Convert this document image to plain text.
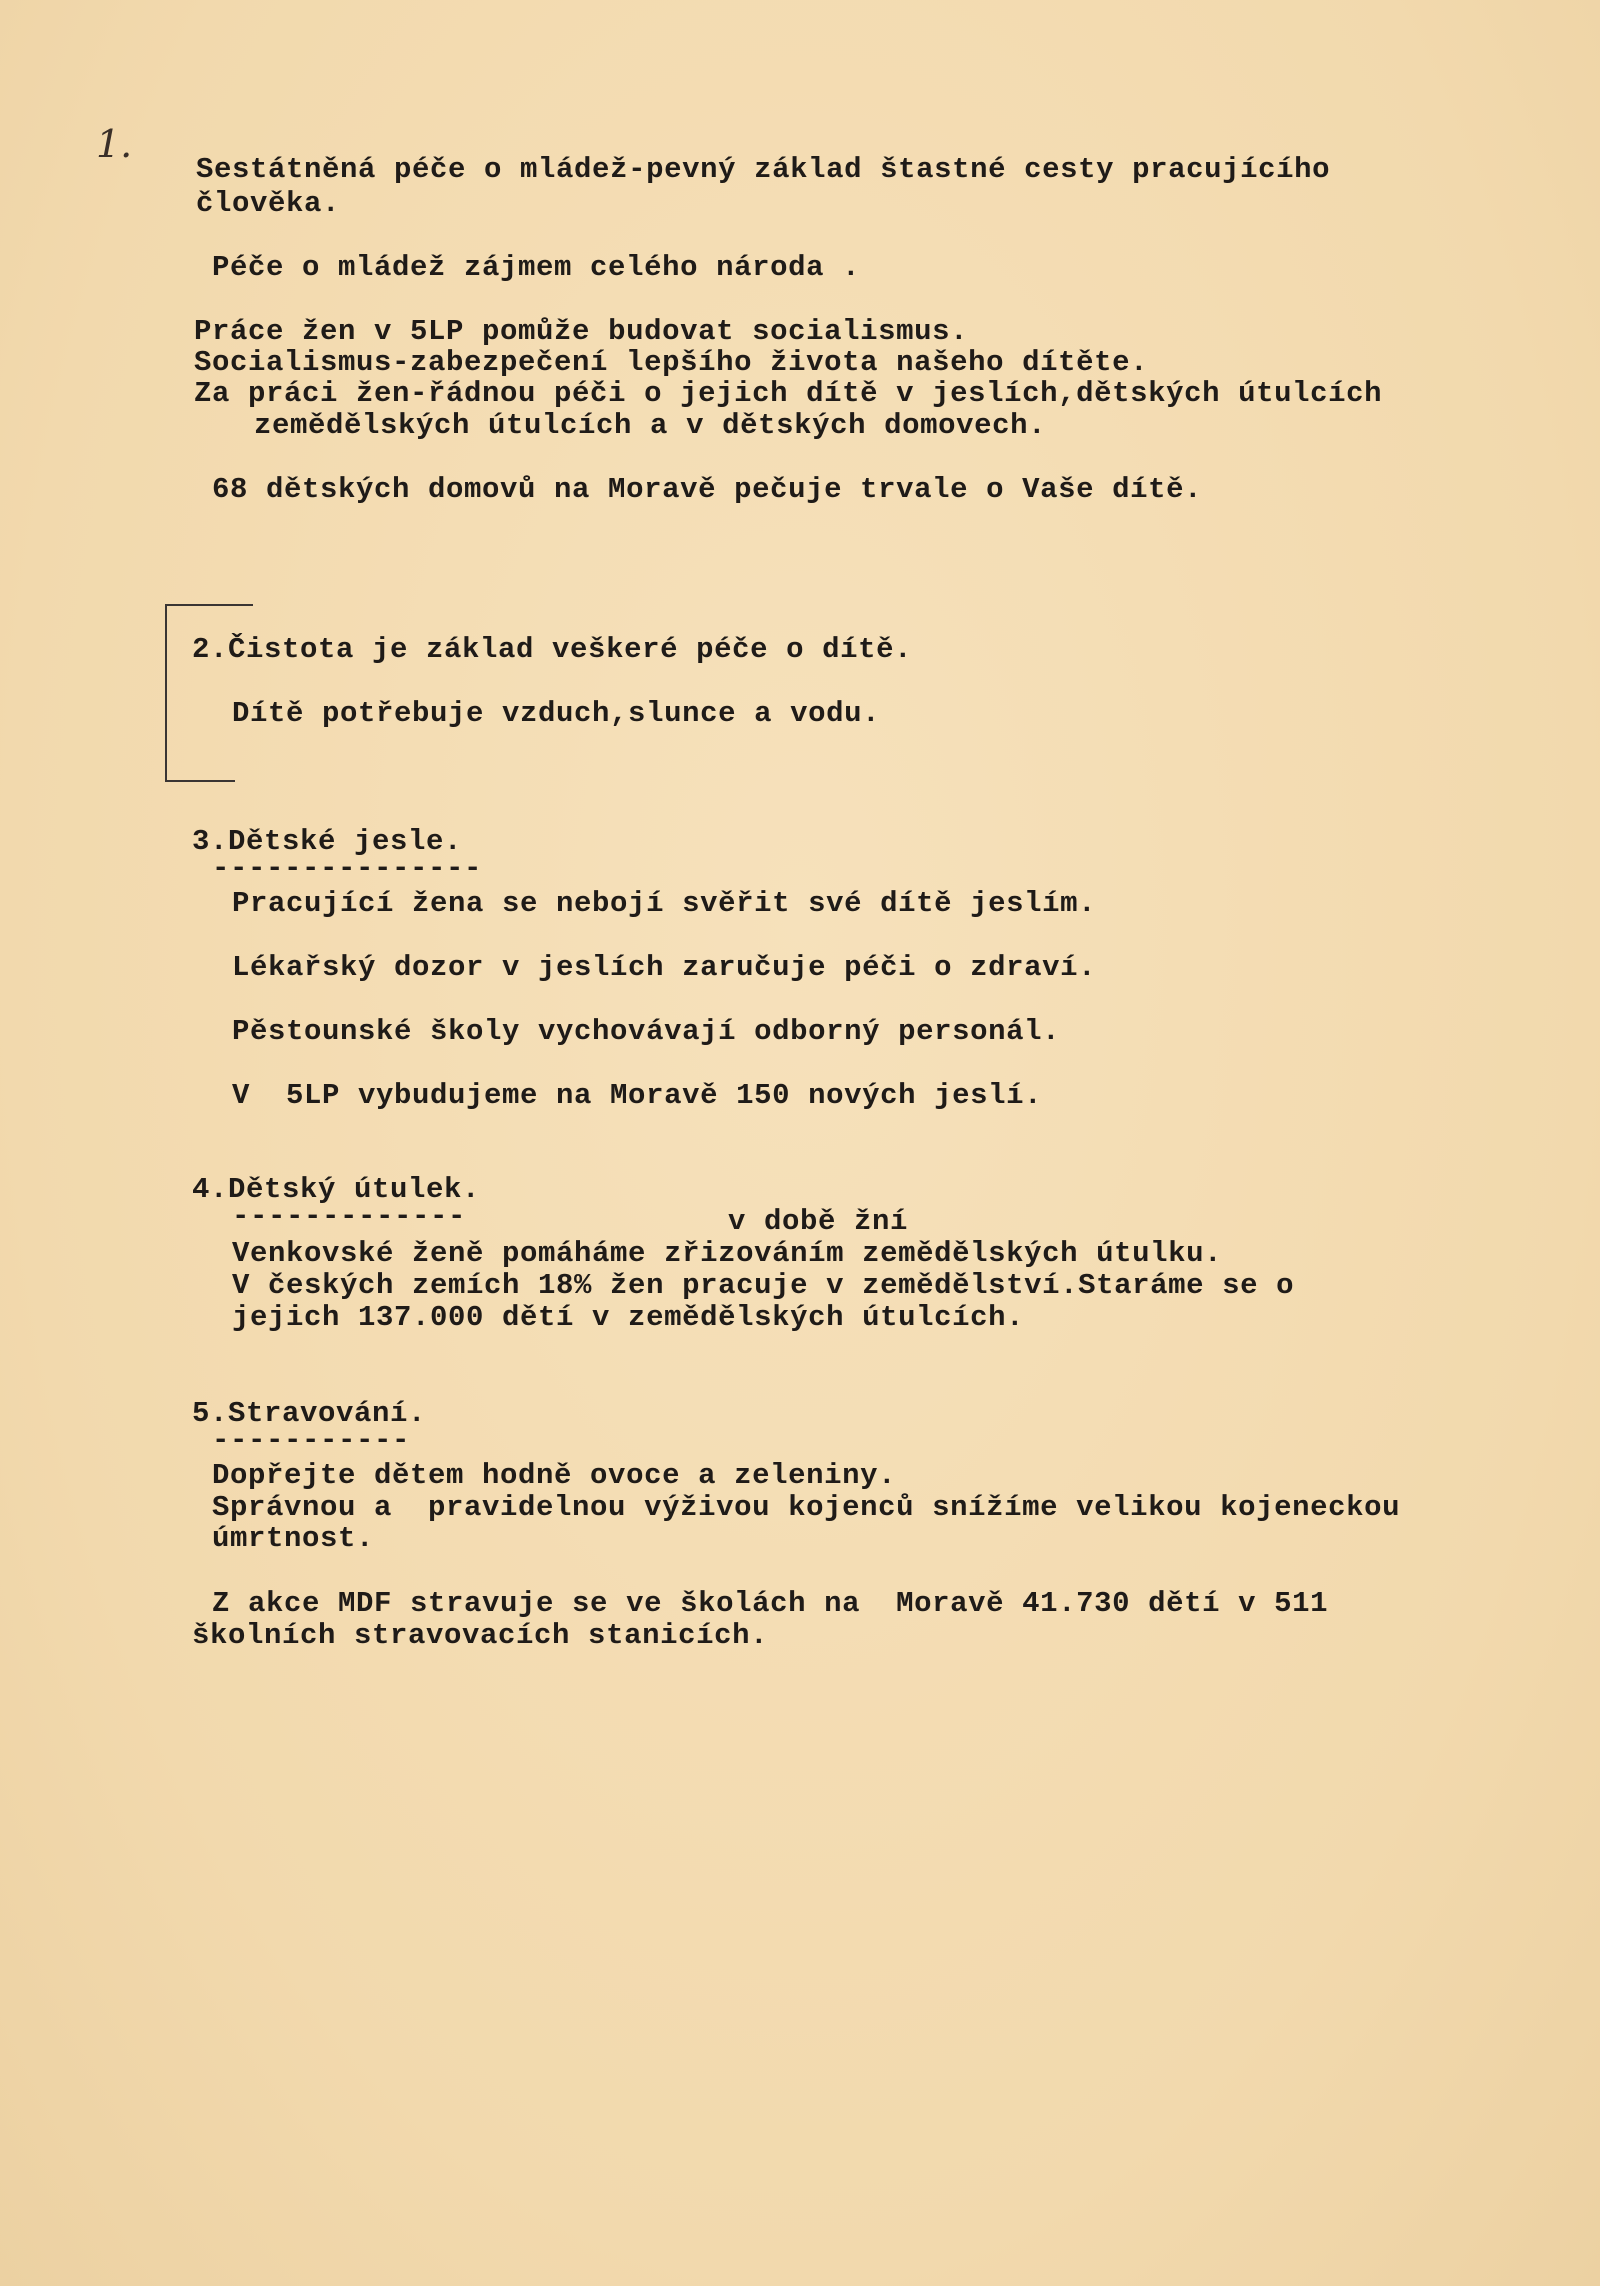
1.
Sestátněná péče o mládež-pevný základ štastné cesty pracujícího
člověka.
Péče o mládež zájmem celého národa .
Práce žen v 5LP pomůže budovat socialismus.
Socialismus-zabezpečení lepšího života našeho dítěte.
Za práci žen-řádnou péči o jejich dítě v jeslích,dětských útulcích
zemědělských útulcích a v dětských domovech.
68 dětských domovů na Moravě pečuje trvale o Vaše dítě.
2.Čistota je základ veškeré péče o dítě.
Dítě potřebuje vzduch,slunce a vodu.
3.Dětské jesle.
---------------
Pracující žena se nebojí svěřit své dítě jeslím.
Lékařský dozor v jeslích zaručuje péči o zdraví.
Pěstounské školy vychovávají odborný personál.
V  5LP vybudujeme na Moravě 150 nových jeslí.
4.Dětský útulek.
-------------	v době žní
Venkovské ženě pomáháme zřizováním zemědělských útulku.
V českých zemích 18% žen pracuje v zemědělství.Staráme se o
jejich 137.000 dětí v zemědělských útulcích.
5.Stravování.
-----------
Dopřejte dětem hodně ovoce a zeleniny.
Správnou a  pravidelnou výživou kojenců snížíme velikou kojeneckou
úmrtnost.
Z akce MDF stravuje se ve školách na  Moravě 41.730 dětí v 511
školních stravovacích stanicích.
